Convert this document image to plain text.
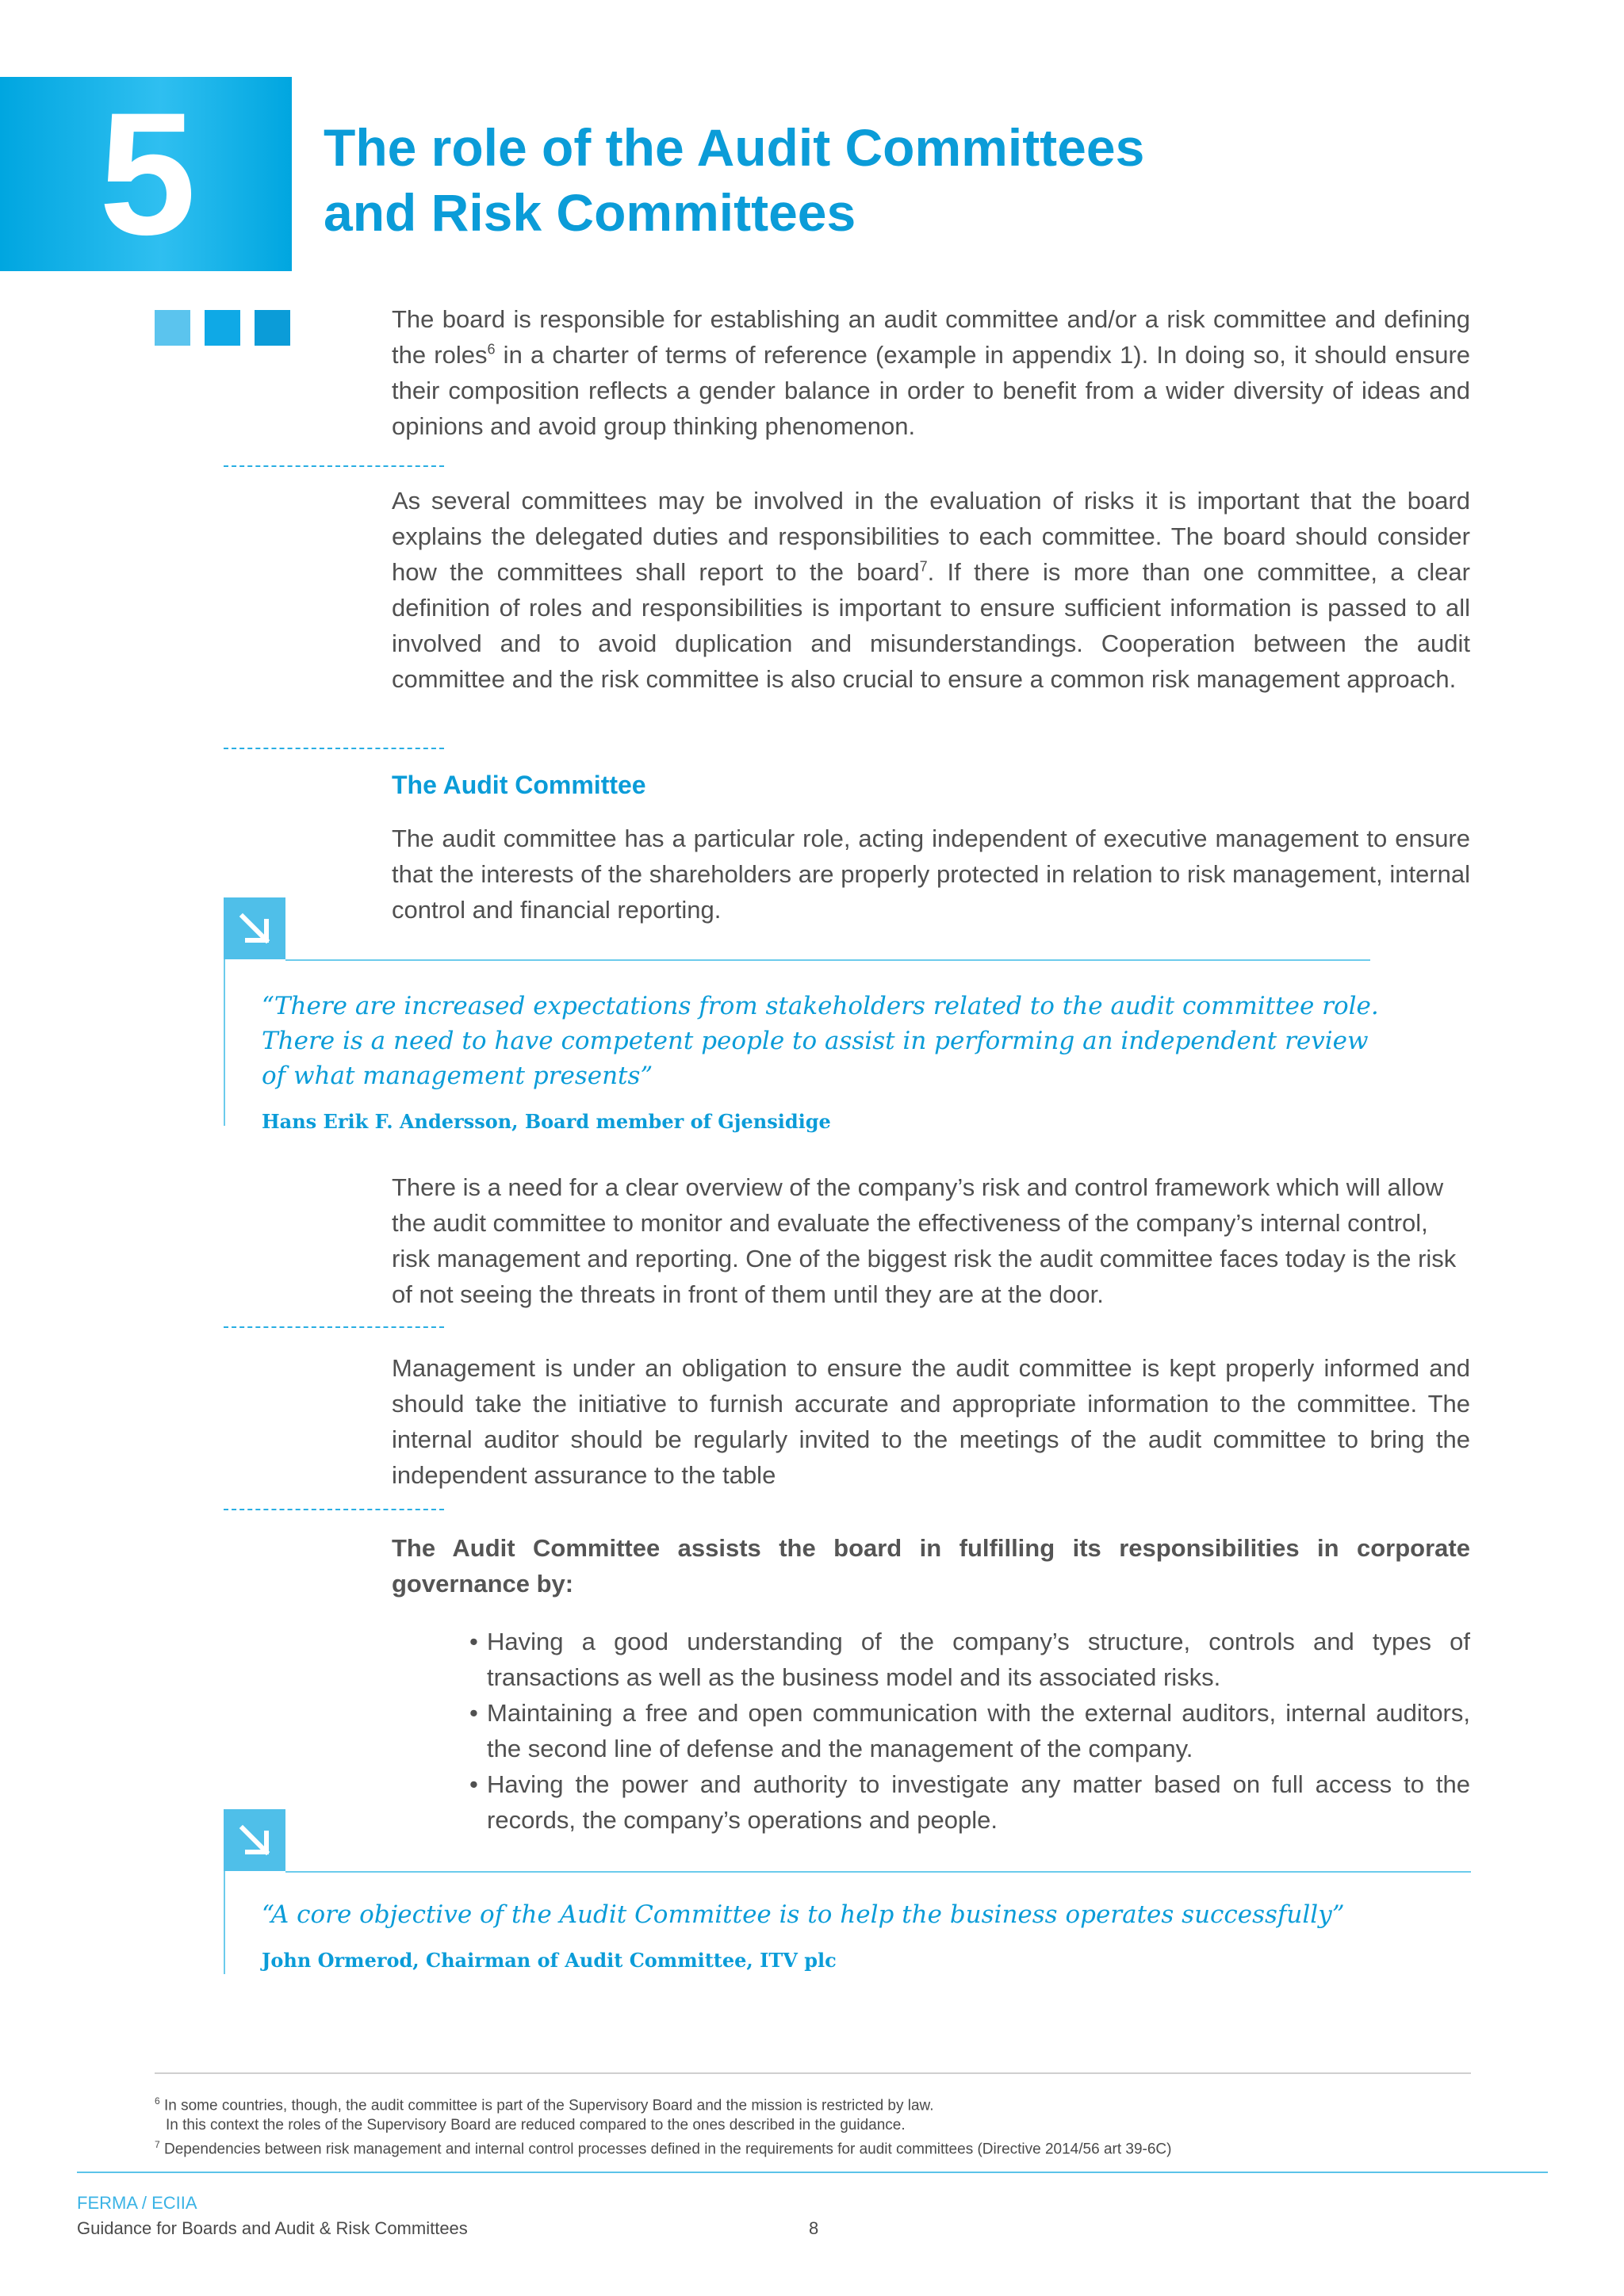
5	The role of the Audit Committees
and Risk Committees
The board is responsible for establishing an audit committee and/or a risk committee and defining the roles$^6$ in a charter of terms of reference (example in appendix 1). In doing so, it should ensure their composition reflects a gender balance in order to benefit from a wider diversity of ideas and opinions and avoid group thinking phenomenon.
As several committees may be involved in the evaluation of risks it is important that the board explains the delegated duties and responsibilities to each committee. The board should consider how the committees shall report to the board$^7$. If there is more than one committee, a clear definition of roles and responsibilities is important to ensure sufficient information is passed to all involved and to avoid duplication and misunderstandings. Cooperation between the audit committee and the risk committee is also crucial to ensure a common risk management approach.
The Audit Committee
The audit committee has a particular role, acting independent of executive management to ensure that the interests of the shareholders are properly protected in relation to risk management, internal control and financial reporting.
“There are increased expectations from stakeholders related to the audit committee role.
There is a need to have competent people to assist in performing an independent review
of what management presents”
Hans Erik F. Andersson, Board member of Gjensidige
There is a need for a clear overview of the company’s risk and control framework which will allow the audit committee to monitor and evaluate the effectiveness of the company’s internal control, risk management and reporting. One of the biggest risk the audit committee faces today is the risk of not seeing the threats in front of them until they are at the door.
Management is under an obligation to ensure the audit committee is kept properly informed and should take the initiative to furnish accurate and appropriate information to the committee. The internal auditor should be regularly invited to the meetings of the audit committee to bring the independent assurance to the table
The Audit Committee assists the board in fulfilling its responsibilities in corporate governance by:
• Having a good understanding of the company’s structure, controls and types of transactions as well as the business model and its associated risks.
• Maintaining a free and open communication with the external auditors, internal auditors, the second line of defense and the management of the company.
• Having the power and authority to investigate any matter based on full access to the records, the company’s operations and people.
“A core objective of the Audit Committee is to help the business operates successfully”
John Ormerod, Chairman of Audit Committee, ITV plc
$^6$ In some countries, though, the audit committee is part of the Supervisory Board and the mission is restricted by law.
In this context the roles of the Supervisory Board are reduced compared to the ones described in the guidance.
$^7$ Dependencies between risk management and internal control processes defined in the requirements for audit committees (Directive 2014/56 art 39-6C)
FERMA / ECIIA
Guidance for Boards and Audit & Risk Committees	8
